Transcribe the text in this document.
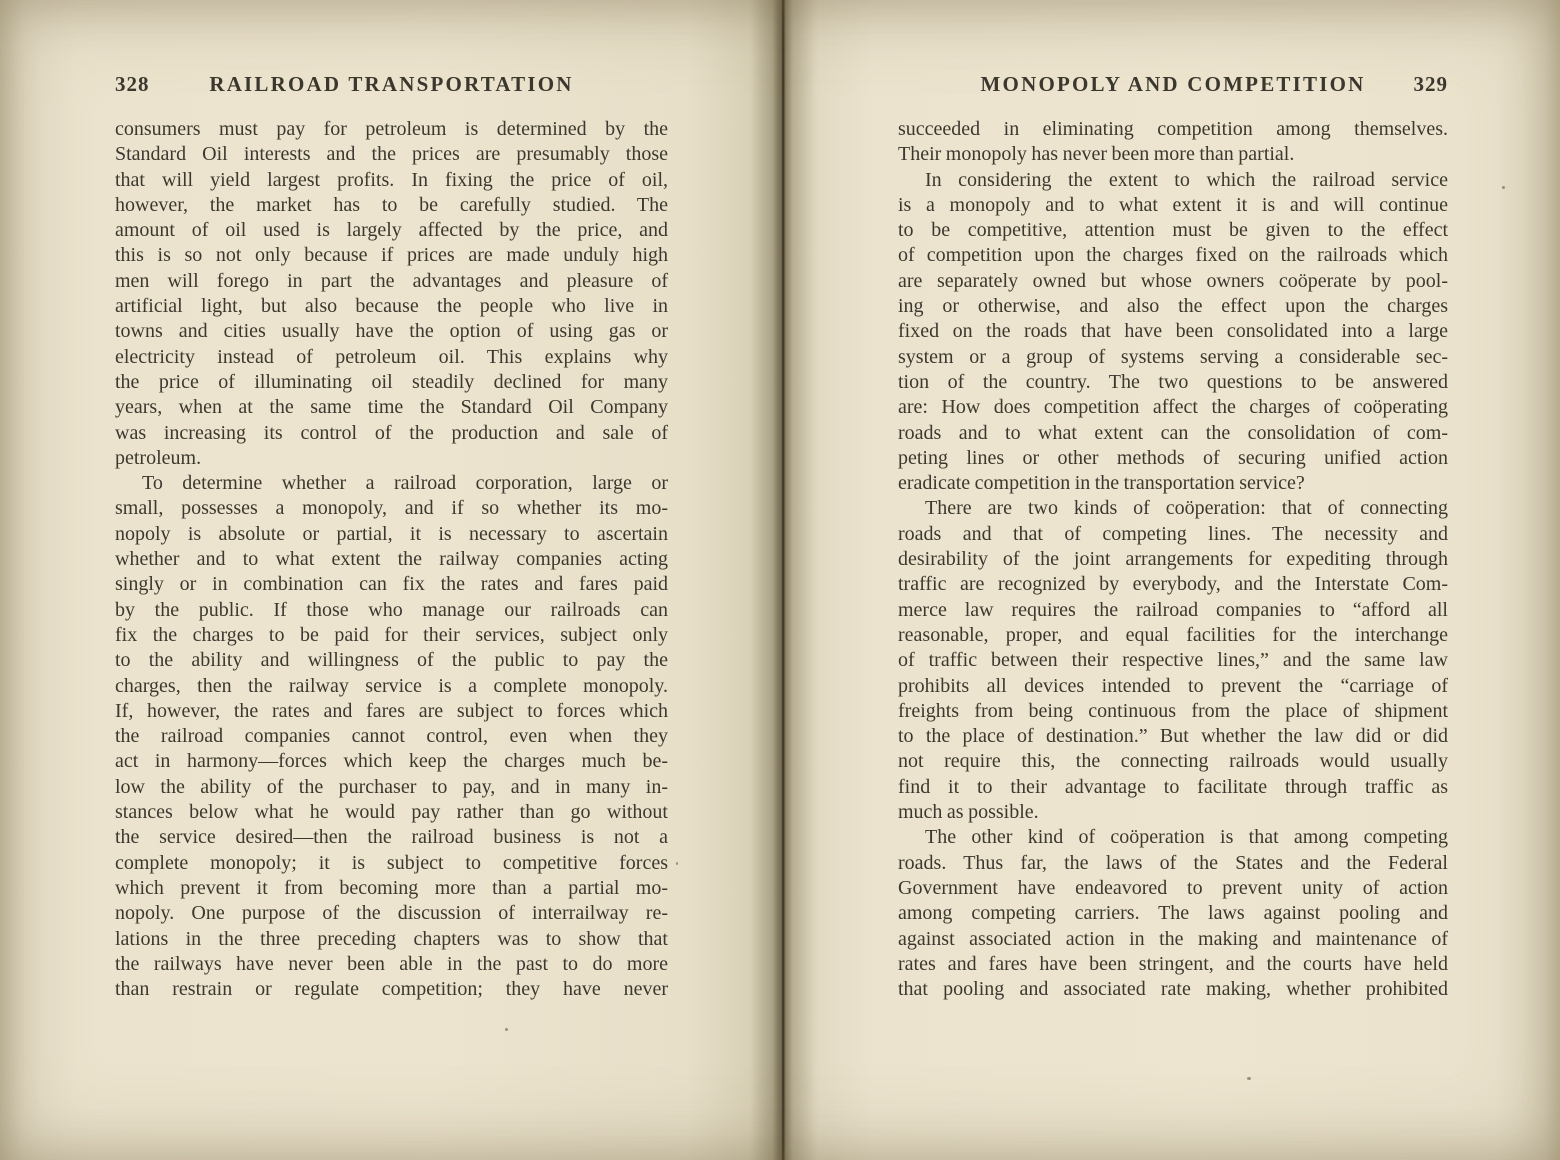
328	RAILROAD TRANSPORTATION
consumers must pay for petroleum is determined by the
Standard Oil interests and the prices are presumably those
that will yield largest profits. In fixing the price of oil,
however, the market has to be carefully studied. The
amount of oil used is largely affected by the price, and
this is so not only because if prices are made unduly high
men will forego in part the advantages and pleasure of
artificial light, but also because the people who live in
towns and cities usually have the option of using gas or
electricity instead of petroleum oil. This explains why
the price of illuminating oil steadily declined for many
years, when at the same time the Standard Oil Company
was increasing its control of the production and sale of
petroleum.
To determine whether a railroad corporation, large or
small, possesses a monopoly, and if so whether its mo-
nopoly is absolute or partial, it is necessary to ascertain
whether and to what extent the railway companies acting
singly or in combination can fix the rates and fares paid
by the public. If those who manage our railroads can
fix the charges to be paid for their services, subject only
to the ability and willingness of the public to pay the
charges, then the railway service is a complete monopoly.
If, however, the rates and fares are subject to forces which
the railroad companies cannot control, even when they
act in harmony—forces which keep the charges much be-
low the ability of the purchaser to pay, and in many in-
stances below what he would pay rather than go without
the service desired—then the railroad business is not a
complete monopoly; it is subject to competitive forces
which prevent it from becoming more than a partial mo-
nopoly. One purpose of the discussion of interrailway re-
lations in the three preceding chapters was to show that
the railways have never been able in the past to do more
than restrain or regulate competition; they have never
MONOPOLY AND COMPETITION	329
succeeded in eliminating competition among themselves.
Their monopoly has never been more than partial.
In considering the extent to which the railroad service
is a monopoly and to what extent it is and will continue
to be competitive, attention must be given to the effect
of competition upon the charges fixed on the railroads which
are separately owned but whose owners coöperate by pool-
ing or otherwise, and also the effect upon the charges
fixed on the roads that have been consolidated into a large
system or a group of systems serving a considerable sec-
tion of the country. The two questions to be answered
are: How does competition affect the charges of coöperating
roads and to what extent can the consolidation of com-
peting lines or other methods of securing unified action
eradicate competition in the transportation service?
There are two kinds of coöperation: that of connecting
roads and that of competing lines. The necessity and
desirability of the joint arrangements for expediting through
traffic are recognized by everybody, and the Interstate Com-
merce law requires the railroad companies to “afford all
reasonable, proper, and equal facilities for the interchange
of traffic between their respective lines,” and the same law
prohibits all devices intended to prevent the “carriage of
freights from being continuous from the place of shipment
to the place of destination.” But whether the law did or did
not require this, the connecting railroads would usually
find it to their advantage to facilitate through traffic as
much as possible.
The other kind of coöperation is that among competing
roads. Thus far, the laws of the States and the Federal
Government have endeavored to prevent unity of action
among competing carriers. The laws against pooling and
against associated action in the making and maintenance of
rates and fares have been stringent, and the courts have held
that pooling and associated rate making, whether prohibited
